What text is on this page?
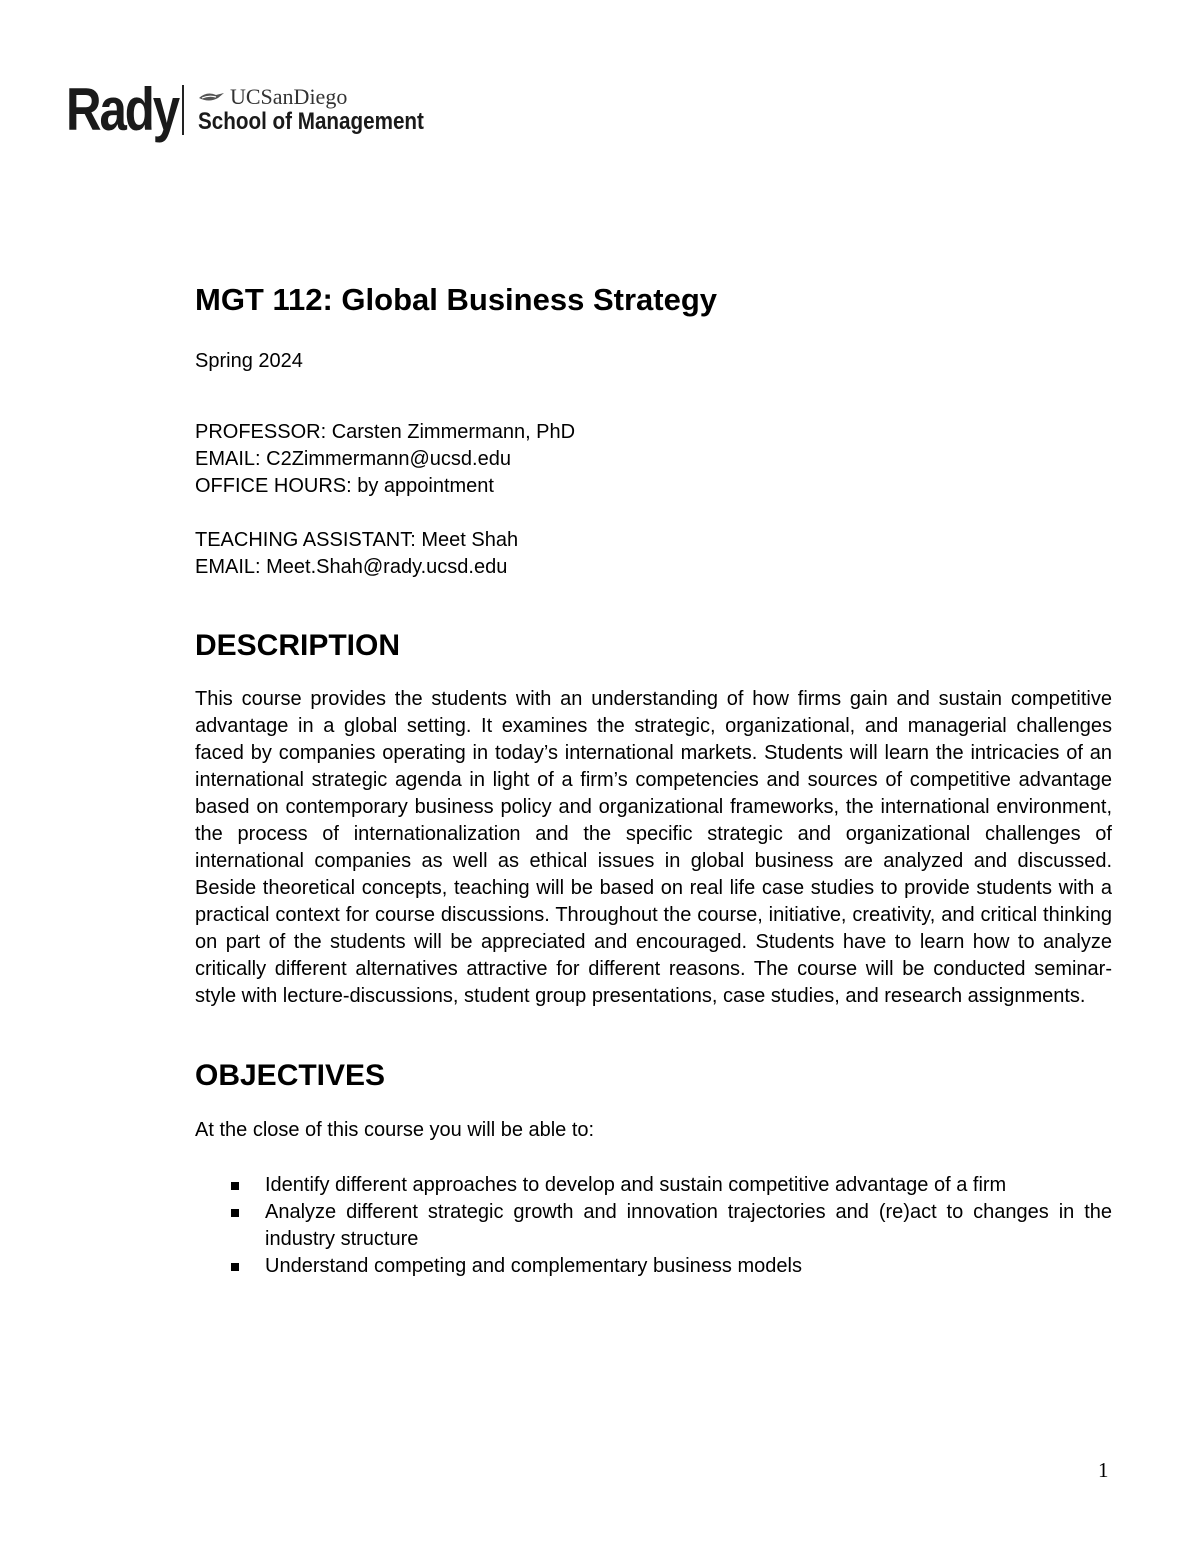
Rady UCSanDiego
School of Management
MGT 112: Global Business Strategy
Spring 2024
PROFESSOR: Carsten Zimmermann, PhD
EMAIL: C2Zimmermann@ucsd.edu
OFFICE HOURS: by appointment
TEACHING ASSISTANT: Meet Shah
EMAIL: Meet.Shah@rady.ucsd.edu
DESCRIPTION

This course provides the students with an understanding of how firms gain and sustain competitive advantage in a global setting. It examines the strategic, organizational, and managerial challenges faced by companies operating in today’s international markets. Students will learn the intricacies of an international strategic agenda in light of a firm’s competencies and sources of competitive advantage based on contemporary business policy and organizational frameworks, the international environment, the process of internationalization and the specific strategic and organizational challenges of international companies as well as ethical issues in global business are analyzed and discussed. Beside theoretical concepts, teaching will be based on real life case studies to provide students with a practical context for course discussions. Throughout the course, initiative, creativity, and critical thinking on part of the students will be appreciated and encouraged. Students have to learn how to analyze critically different alternatives attractive for different reasons. The course will be conducted seminar-style with lecture-discussions, student group presentations, case studies, and research assignments.

OBJECTIVES
At the close of this course you will be able to:
Identify different approaches to develop and sustain competitive advantage of a firm
Analyze different strategic growth and innovation trajectories and (re)act to changes in the industry structure
Understand competing and complementary business models
1
